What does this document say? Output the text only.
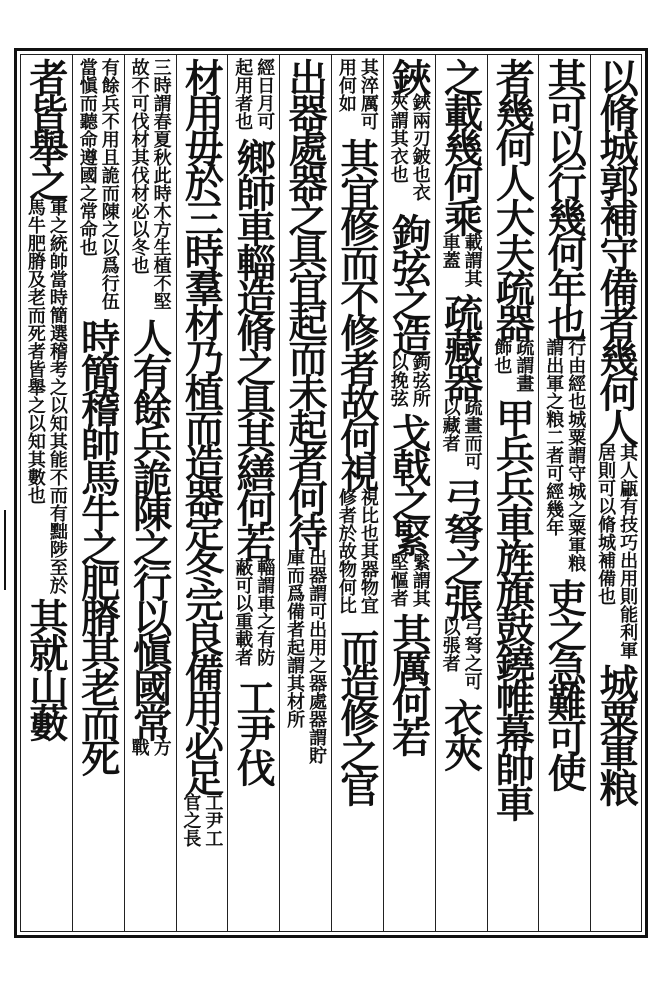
以脩城郭補守備者幾何人
其人甂有技巧出用則能利軍居則可以脩城補備也
城粟軍粮
其可以行幾何年也
行由經也城粟謂守城之粟軍粮謂出軍之粮二者可經幾年
吏之急難可使
者幾何人大夫疏器
疏謂畫飾也
甲兵兵車旌旗鼓鐃帷幕帥車
之載幾何乘
載謂其車蓋
疏藏器
疏畫而可以藏者
弓弩之張
弓弩之可以張者
衣夾
鋏
鋏兩刃鈹也衣夾謂其衣也
鉤弦之造
鉤弦所以挽弦
戈戟之緊
緊謂其堅慪者
其厲何若
其淬厲可用何如
其宜修而不修者故何視
視比也其器物宜修者於故物何比
而造修之官
出器處器之具宜起而未起者何待
出器謂可出用之器處器謂貯庫而爲備者起謂其材所
經日月可起用者也
鄉師車輜造脩之具其繕何若
輜謂車之有防蔽可以重載者
工尹伐
材用毋於三時羣材乃植而造器定冬完良備用必足
工尹工官之長
三時謂春夏秋此時木方生植不堅故不可伐材其伐材必以冬也
人有餘兵詭陳之行以愼國常
方戰
有餘兵不用且詭而陳之以爲行伍當愼而聽命遵國之常命也
時簡稽帥馬牛之肥膌其老而死
者皆舉之
軍之統帥當時簡選稽考之以知其能不而有黜陟至於馬牛肥膌及老而死者皆舉之以知其數也
其就山藪
